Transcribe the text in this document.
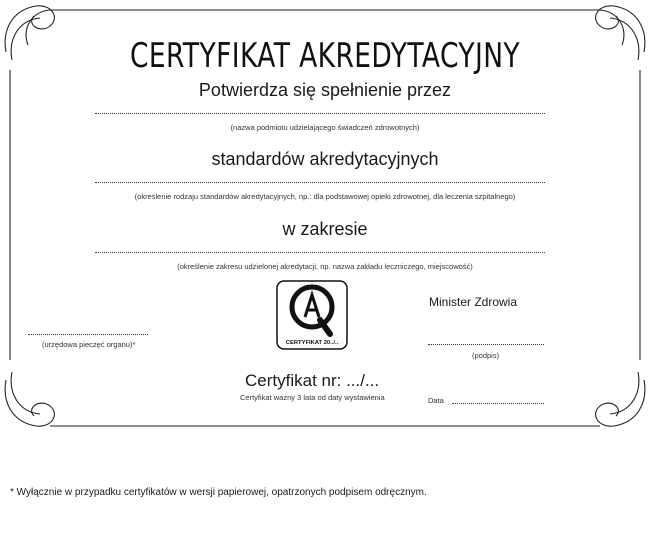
CERTYFIKAT AKREDYTACYJNY
Potwierdza się spełnienie przez
(nazwa podmiotu udzielającego świadczeń zdrowotnych)
standardów akredytacyjnych
(określenie rodzaju standardów akredytacyjnych, np.: dla podstawowej opieki zdrowotnej, dla leczenia szpitalnego)
w zakresie
(określenie zakresu udzielonej akredytacji, np. nazwa zakładu leczniczego, miejscowość)
(urzędowa pieczęć organu)*	CERTYFIKAT 20../..
Minister Zdrowia
(podpis)
Certyfikat nr: .../...
Certyfikat ważny 3 lata od daty wystawienia	Data
* Wyłącznie w przypadku certyfikatów w wersji papierowej, opatrzonych podpisem odręcznym.
